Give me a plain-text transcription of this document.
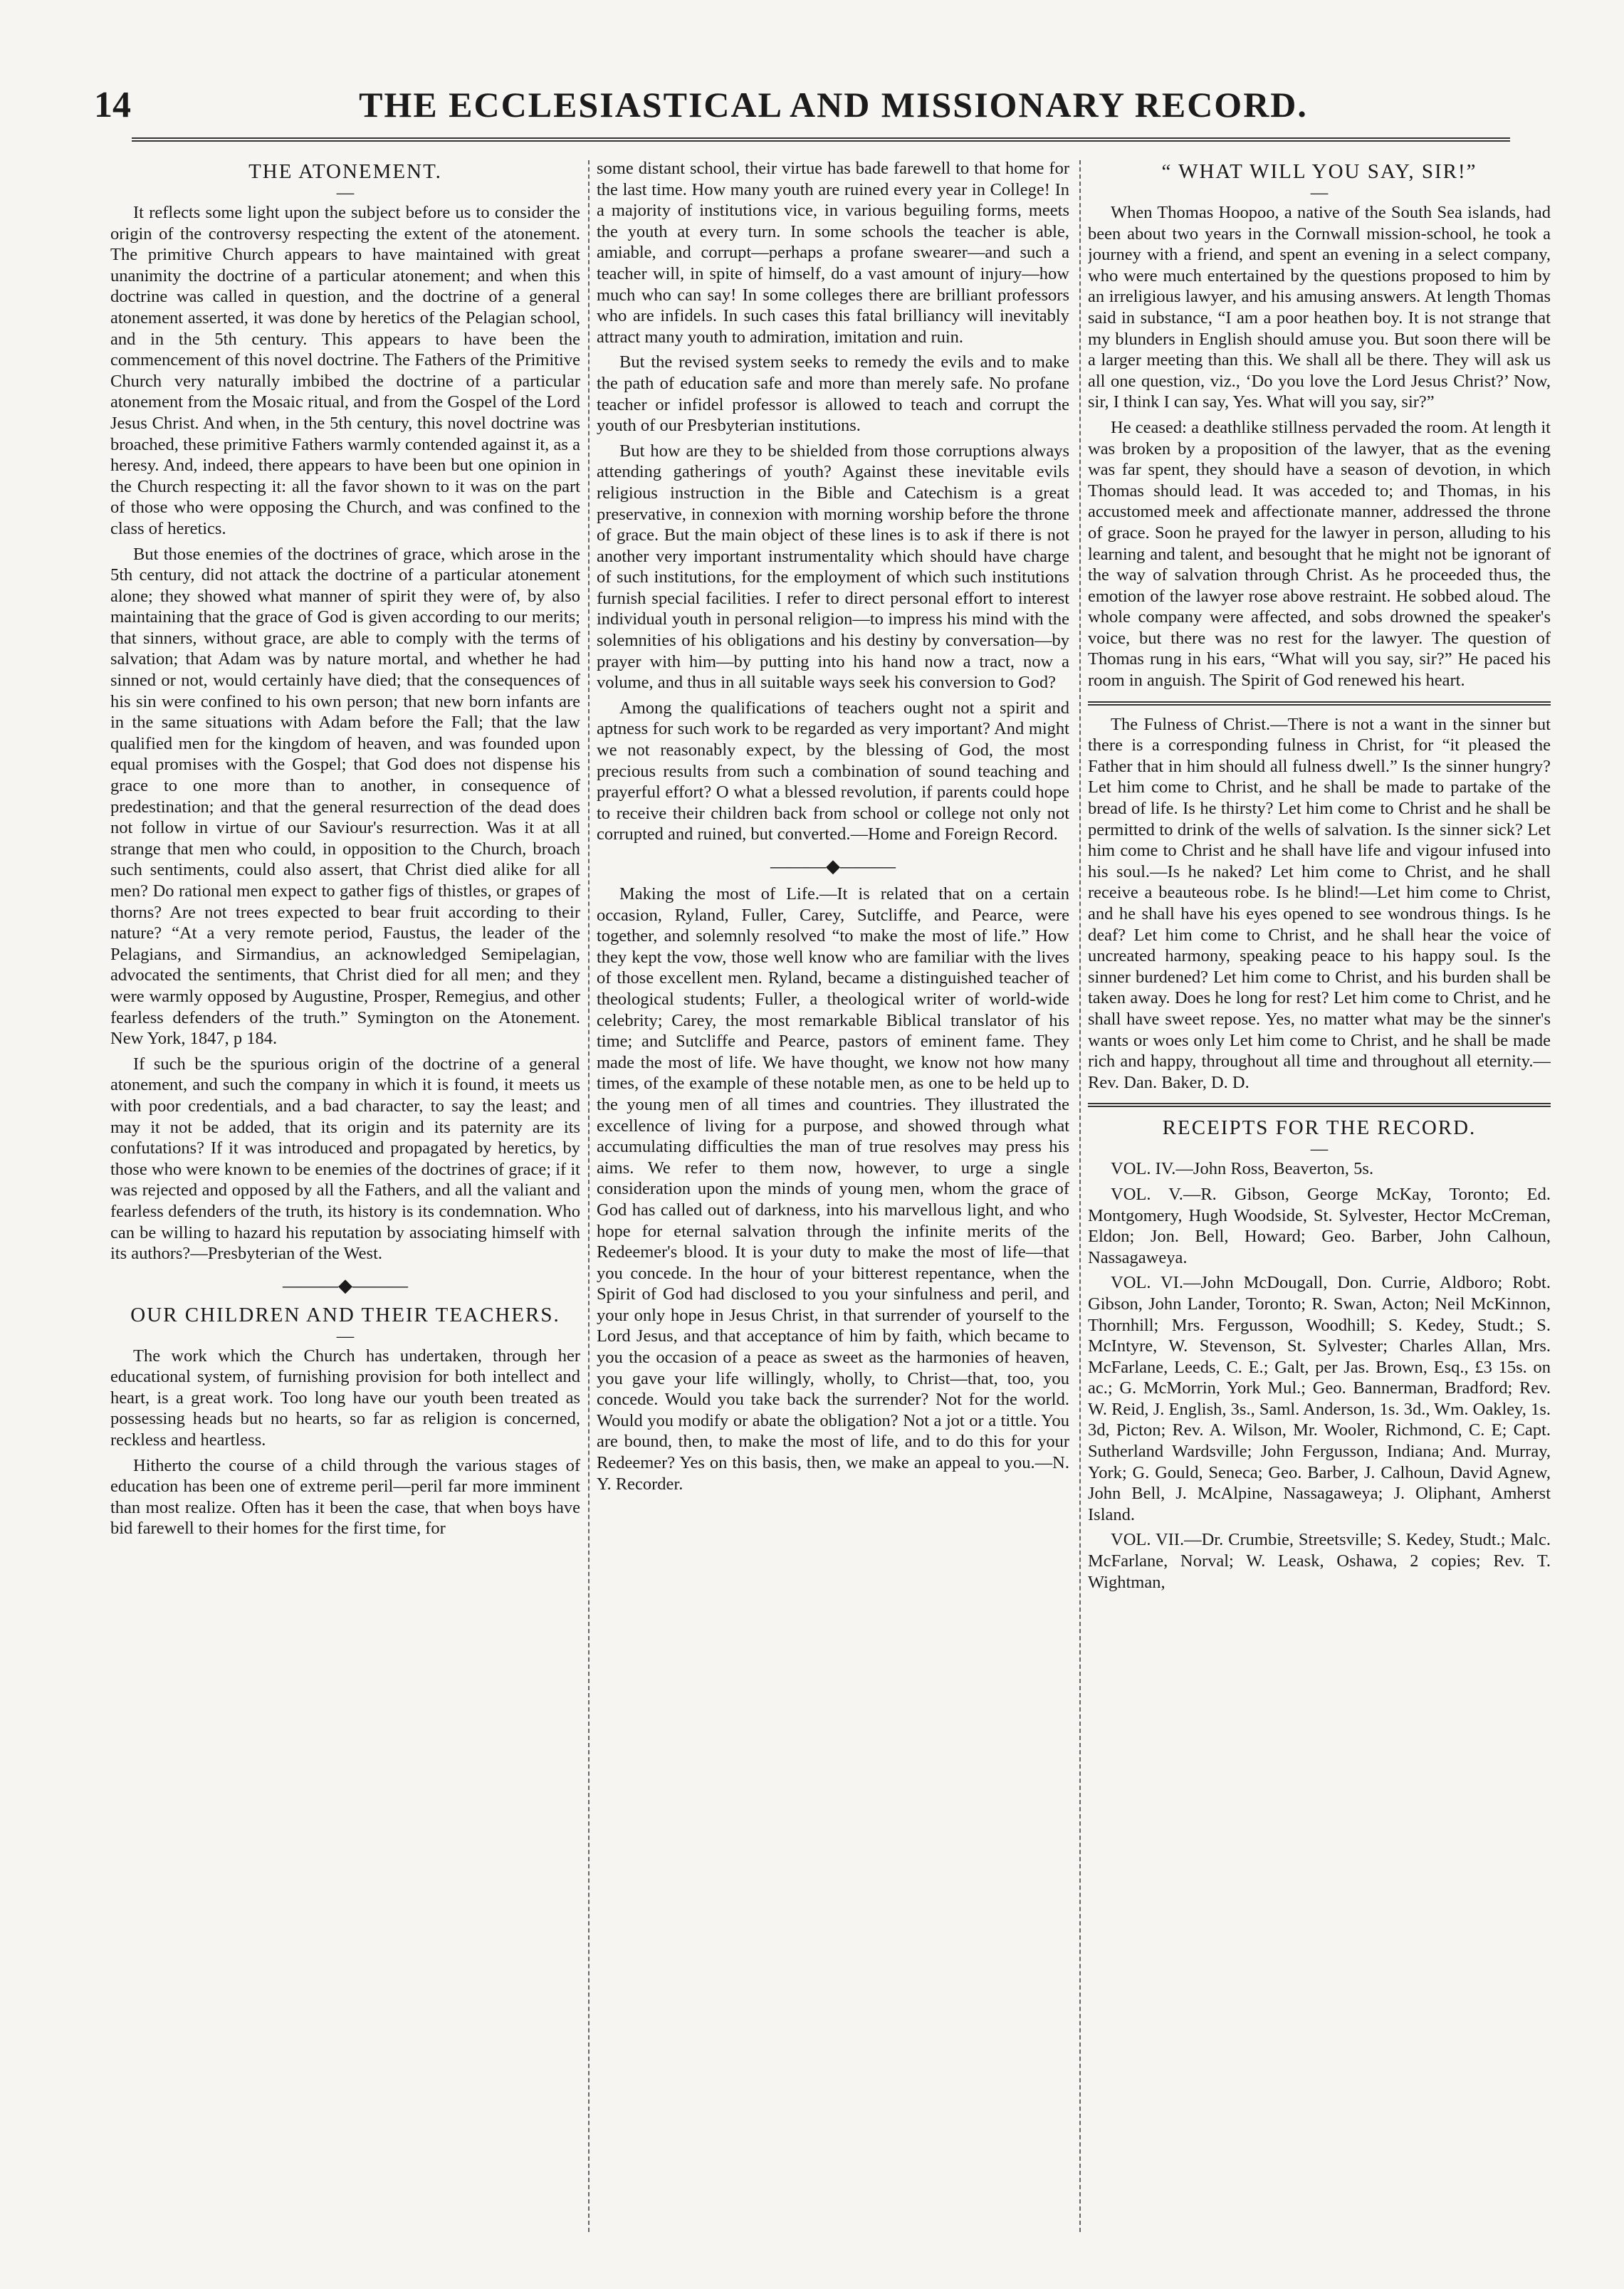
14	THE ECCLESIASTICAL AND MISSIONARY RECORD.
THE ATONEMENT.
—

It reflects some light upon the subject before us to consider the origin of the controversy respecting the extent of the atonement. The primitive Church appears to have maintained with great unanimity the doctrine of a particular atonement; and when this doctrine was called in question, and the doctrine of a general atonement asserted, it was done by heretics of the Pelagian school, and in the 5th century. This appears to have been the commencement of this novel doctrine. The Fathers of the Primitive Church very naturally imbibed the doctrine of a particular atonement from the Mosaic ritual, and from the Gospel of the Lord Jesus Christ. And when, in the 5th century, this novel doctrine was broached, these primitive Fathers warmly contended against it, as a heresy. And, indeed, there appears to have been but one opinion in the Church respecting it: all the favor shown to it was on the part of those who were opposing the Church, and was confined to the class of heretics.

But those enemies of the doctrines of grace, which arose in the 5th century, did not attack the doctrine of a particular atonement alone; they showed what manner of spirit they were of, by also maintaining that the grace of God is given according to our merits; that sinners, without grace, are able to comply with the terms of salvation; that Adam was by nature mortal, and whether he had sinned or not, would certainly have died; that the consequences of his sin were confined to his own person; that new born infants are in the same situations with Adam before the Fall; that the law qualified men for the kingdom of heaven, and was founded upon equal promises with the Gospel; that God does not dispense his grace to one more than to another, in consequence of predestination; and that the general resurrection of the dead does not follow in virtue of our Saviour's resurrection. Was it at all strange that men who could, in opposition to the Church, broach such sentiments, could also assert, that Christ died alike for all men? Do rational men expect to gather figs of thistles, or grapes of thorns? Are not trees expected to bear fruit according to their nature? “At a very remote period, Faustus, the leader of the Pelagians, and Sirmandius, an acknowledged Semipelagian, advocated the sentiments, that Christ died for all men; and they were warmly opposed by Augustine, Prosper, Remegius, and other fearless defenders of the truth.” Symington on the Atonement. New York, 1847, p 184.

If such be the spurious origin of the doctrine of a general atonement, and such the company in which it is found, it meets us with poor credentials, and a bad character, to say the least; and may it not be added, that its origin and its paternity are its confutations? If it was introduced and propagated by heretics, by those who were known to be enemies of the doctrines of grace; if it was rejected and opposed by all the Fathers, and all the valiant and fearless defenders of the truth, its history is its condemnation. Who can be willing to hazard his reputation by associating himself with its authors?—Presbyterian of the West.

———◆———
OUR CHILDREN AND THEIR TEACHERS.
—

The work which the Church has undertaken, through her educational system, of furnishing provision for both intellect and heart, is a great work. Too long have our youth been treated as possessing heads but no hearts, so far as religion is concerned, reckless and heartless.

Hitherto the course of a child through the various stages of education has been one of extreme peril—peril far more imminent than most realize. Often has it been the case, that when boys have bid farewell to their homes for the first time, for

some distant school, their virtue has bade farewell to that home for the last time. How many youth are ruined every year in College! In a majority of institutions vice, in various beguiling forms, meets the youth at every turn. In some schools the teacher is able, amiable, and corrupt—perhaps a profane swearer—and such a teacher will, in spite of himself, do a vast amount of injury—how much who can say! In some colleges there are brilliant professors who are infidels. In such cases this fatal brilliancy will inevitably attract many youth to admiration, imitation and ruin.

But the revised system seeks to remedy the evils and to make the path of education safe and more than merely safe. No profane teacher or infidel professor is allowed to teach and corrupt the youth of our Presbyterian institutions.

But how are they to be shielded from those corruptions always attending gatherings of youth? Against these inevitable evils religious instruction in the Bible and Catechism is a great preservative, in connexion with morning worship before the throne of grace. But the main object of these lines is to ask if there is not another very important instrumentality which should have charge of such institutions, for the employment of which such institutions furnish special facilities. I refer to direct personal effort to interest individual youth in personal religion—to impress his mind with the solemnities of his obligations and his destiny by conversation—by prayer with him—by putting into his hand now a tract, now a volume, and thus in all suitable ways seek his conversion to God?

Among the qualifications of teachers ought not a spirit and aptness for such work to be regarded as very important? And might we not reasonably expect, by the blessing of God, the most precious results from such a combination of sound teaching and prayerful effort? O what a blessed revolution, if parents could hope to receive their children back from school or college not only not corrupted and ruined, but converted.—Home and Foreign Record.

———◆———

Making the most of Life.—It is related that on a certain occasion, Ryland, Fuller, Carey, Sutcliffe, and Pearce, were together, and solemnly resolved “to make the most of life.” How they kept the vow, those well know who are familiar with the lives of those excellent men. Ryland, became a distinguished teacher of theological students; Fuller, a theological writer of world-wide celebrity; Carey, the most remarkable Biblical translator of his time; and Sutcliffe and Pearce, pastors of eminent fame. They made the most of life. We have thought, we know not how many times, of the example of these notable men, as one to be held up to the young men of all times and countries. They illustrated the excellence of living for a purpose, and showed through what accumulating difficulties the man of true resolves may press his aims. We refer to them now, however, to urge a single consideration upon the minds of young men, whom the grace of God has called out of darkness, into his marvellous light, and who hope for eternal salvation through the infinite merits of the Redeemer's blood. It is your duty to make the most of life—that you concede. In the hour of your bitterest repentance, when the Spirit of God had disclosed to you your sinfulness and peril, and your only hope in Jesus Christ, in that surrender of yourself to the Lord Jesus, and that acceptance of him by faith, which became to you the occasion of a peace as sweet as the harmonies of heaven, you gave your life willingly, wholly, to Christ—that, too, you concede. Would you take back the surrender? Not for the world. Would you modify or abate the obligation? Not a jot or a tittle. You are bound, then, to make the most of life, and to do this for your Redeemer? Yes on this basis, then, we make an appeal to you.—N. Y. Recorder.

“ WHAT WILL YOU SAY, SIR!”
—

When Thomas Hoopoo, a native of the South Sea islands, had been about two years in the Cornwall mission-school, he took a journey with a friend, and spent an evening in a select company, who were much entertained by the questions proposed to him by an irreligious lawyer, and his amusing answers. At length Thomas said in substance, “I am a poor heathen boy. It is not strange that my blunders in English should amuse you. But soon there will be a larger meeting than this. We shall all be there. They will ask us all one question, viz., ‘Do you love the Lord Jesus Christ?’ Now, sir, I think I can say, Yes. What will you say, sir?”

He ceased: a deathlike stillness pervaded the room. At length it was broken by a proposition of the lawyer, that as the evening was far spent, they should have a season of devotion, in which Thomas should lead. It was acceded to; and Thomas, in his accustomed meek and affectionate manner, addressed the throne of grace. Soon he prayed for the lawyer in person, alluding to his learning and talent, and besought that he might not be ignorant of the way of salvation through Christ. As he proceeded thus, the emotion of the lawyer rose above restraint. He sobbed aloud. The whole company were affected, and sobs drowned the speaker's voice, but there was no rest for the lawyer. The question of Thomas rung in his ears, “What will you say, sir?” He paced his room in anguish. The Spirit of God renewed his heart.

The Fulness of Christ.—There is not a want in the sinner but there is a corresponding fulness in Christ, for “it pleased the Father that in him should all fulness dwell.” Is the sinner hungry? Let him come to Christ, and he shall be made to partake of the bread of life. Is he thirsty? Let him come to Christ and he shall be permitted to drink of the wells of salvation. Is the sinner sick? Let him come to Christ and he shall have life and vigour infused into his soul.—Is he naked? Let him come to Christ, and he shall receive a beauteous robe. Is he blind!—Let him come to Christ, and he shall have his eyes opened to see wondrous things. Is he deaf? Let him come to Christ, and he shall hear the voice of uncreated harmony, speaking peace to his happy soul. Is the sinner burdened? Let him come to Christ, and his burden shall be taken away. Does he long for rest? Let him come to Christ, and he shall have sweet repose. Yes, no matter what may be the sinner's wants or woes only Let him come to Christ, and he shall be made rich and happy, throughout all time and throughout all eternity.—Rev. Dan. Baker, D. D.

RECEIPTS FOR THE RECORD.
—

VOL. IV.—John Ross, Beaverton, 5s.

VOL. V.—R. Gibson, George McKay, Toronto; Ed. Montgomery, Hugh Woodside, St. Sylvester, Hector McCreman, Eldon; Jon. Bell, Howard; Geo. Barber, John Calhoun, Nassagaweya.

VOL. VI.—John McDougall, Don. Currie, Aldboro; Robt. Gibson, John Lander, Toronto; R. Swan, Acton; Neil McKinnon, Thornhill; Mrs. Fergusson, Woodhill; S. Kedey, Studt.; S. McIntyre, W. Stevenson, St. Sylvester; Charles Allan, Mrs. McFarlane, Leeds, C. E.; Galt, per Jas. Brown, Esq., £3 15s. on ac.; G. McMorrin, York Mul.; Geo. Bannerman, Bradford; Rev. W. Reid, J. English, 3s., Saml. Anderson, 1s. 3d., Wm. Oakley, 1s. 3d, Picton; Rev. A. Wilson, Mr. Wooler, Richmond, C. E; Capt. Sutherland Wardsville; John Fergusson, Indiana; And. Murray, York; G. Gould, Seneca; Geo. Barber, J. Calhoun, David Agnew, John Bell, J. McAlpine, Nassagaweya; J. Oliphant, Amherst Island.

VOL. VII.—Dr. Crumbie, Streetsville; S. Kedey, Studt.; Malc. McFarlane, Norval; W. Leask, Oshawa, 2 copies; Rev. T. Wightman,
